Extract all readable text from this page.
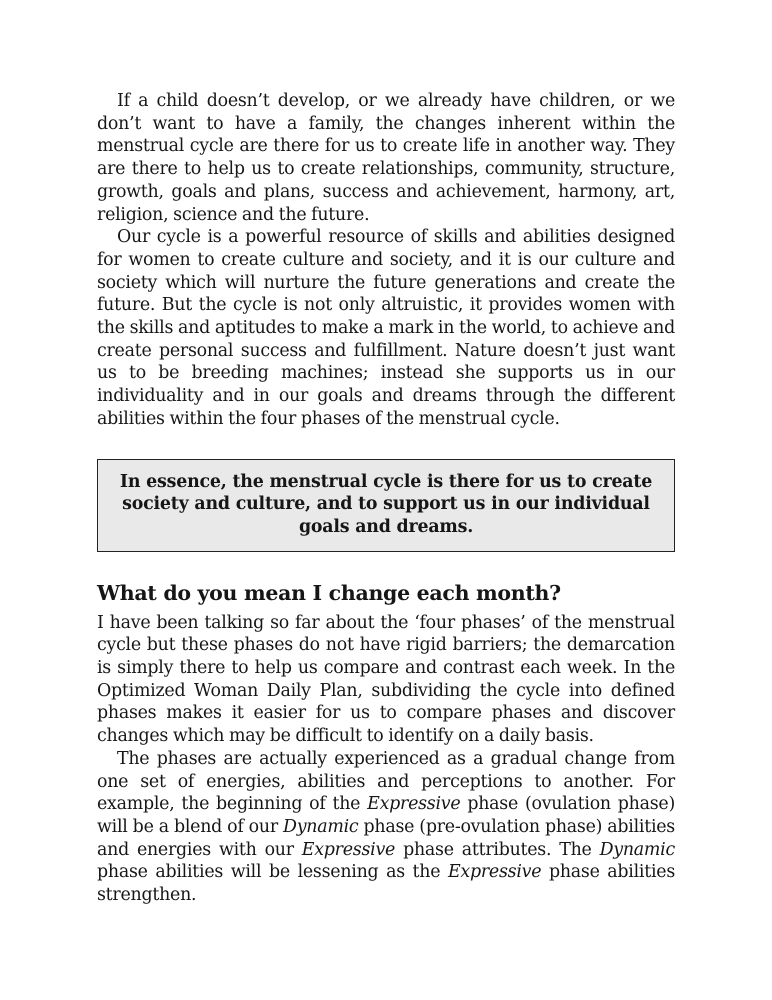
If a child doesn’t develop, or we already have children, or we don’t want to have a family, the changes inherent within the menstrual cycle are there for us to create life in another way. They are there to help us to create relationships, community, structure, growth, goals and plans, success and achievement, harmony, art, religion, science and the future.

Our cycle is a powerful resource of skills and abilities designed for women to create culture and society, and it is our culture and society which will nurture the future generations and create the future. But the cycle is not only altruistic, it provides women with the skills and aptitudes to make a mark in the world, to achieve and create personal success and fulfillment. Nature doesn’t just want us to be breeding machines; instead she supports us in our individuality and in our goals and dreams through the different abilities within the four phases of the menstrual cycle.

In essence, the menstrual cycle is there for us to create society and culture, and to support us in our individual goals and dreams.

What do you mean I change each month?

I have been talking so far about the ‘four phases’ of the menstrual cycle but these phases do not have rigid barriers; the demarcation is simply there to help us compare and contrast each week. In the Optimized Woman Daily Plan, subdividing the cycle into defined phases makes it easier for us to compare phases and discover changes which may be difficult to identify on a daily basis.

The phases are actually experienced as a gradual change from one set of energies, abilities and perceptions to another. For example, the beginning of the Expressive phase (ovulation phase) will be a blend of our Dynamic phase (pre-ovulation phase) abilities and energies with our Expressive phase attributes. The Dynamic phase abilities will be lessening as the Expressive phase abilities strengthen.
